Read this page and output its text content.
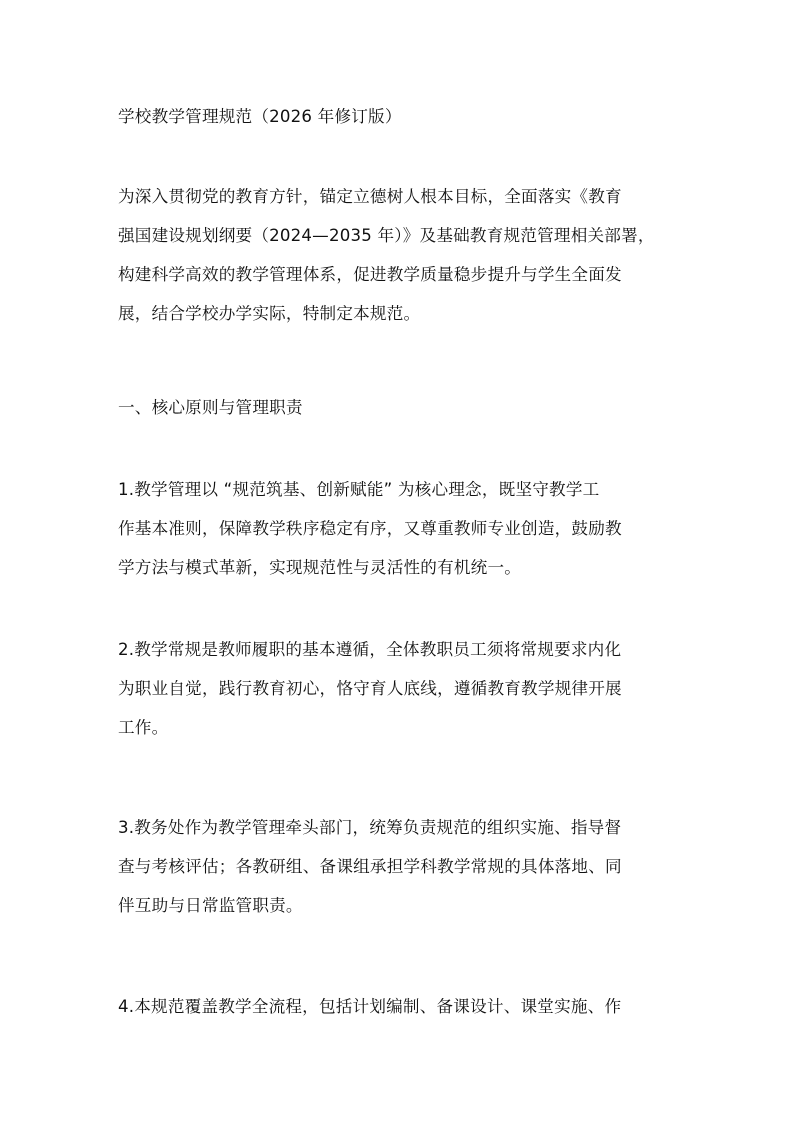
学校教学管理规范（2026 年修订版）
为深入贯彻党的教育方针，锚定立德树人根本目标，全面落实《教育
强国建设规划纲要（2024—2035 年）》及基础教育规范管理相关部署，
构建科学高效的教学管理体系，促进教学质量稳步提升与学生全面发
展，结合学校办学实际，特制定本规范。
一、核心原则与管理职责
1.教学管理以 “规范筑基、创新赋能” 为核心理念，既坚守教学工
作基本准则，保障教学秩序稳定有序，又尊重教师专业创造，鼓励教
学方法与模式革新，实现规范性与灵活性的有机统一。
2.教学常规是教师履职的基本遵循，全体教职员工须将常规要求内化
为职业自觉，践行教育初心，恪守育人底线，遵循教育教学规律开展
工作。
3.教务处作为教学管理牵头部门，统筹负责规范的组织实施、指导督
查与考核评估；各教研组、备课组承担学科教学常规的具体落地、同
伴互助与日常监管职责。
4.本规范覆盖教学全流程，包括计划编制、备课设计、课堂实施、作
